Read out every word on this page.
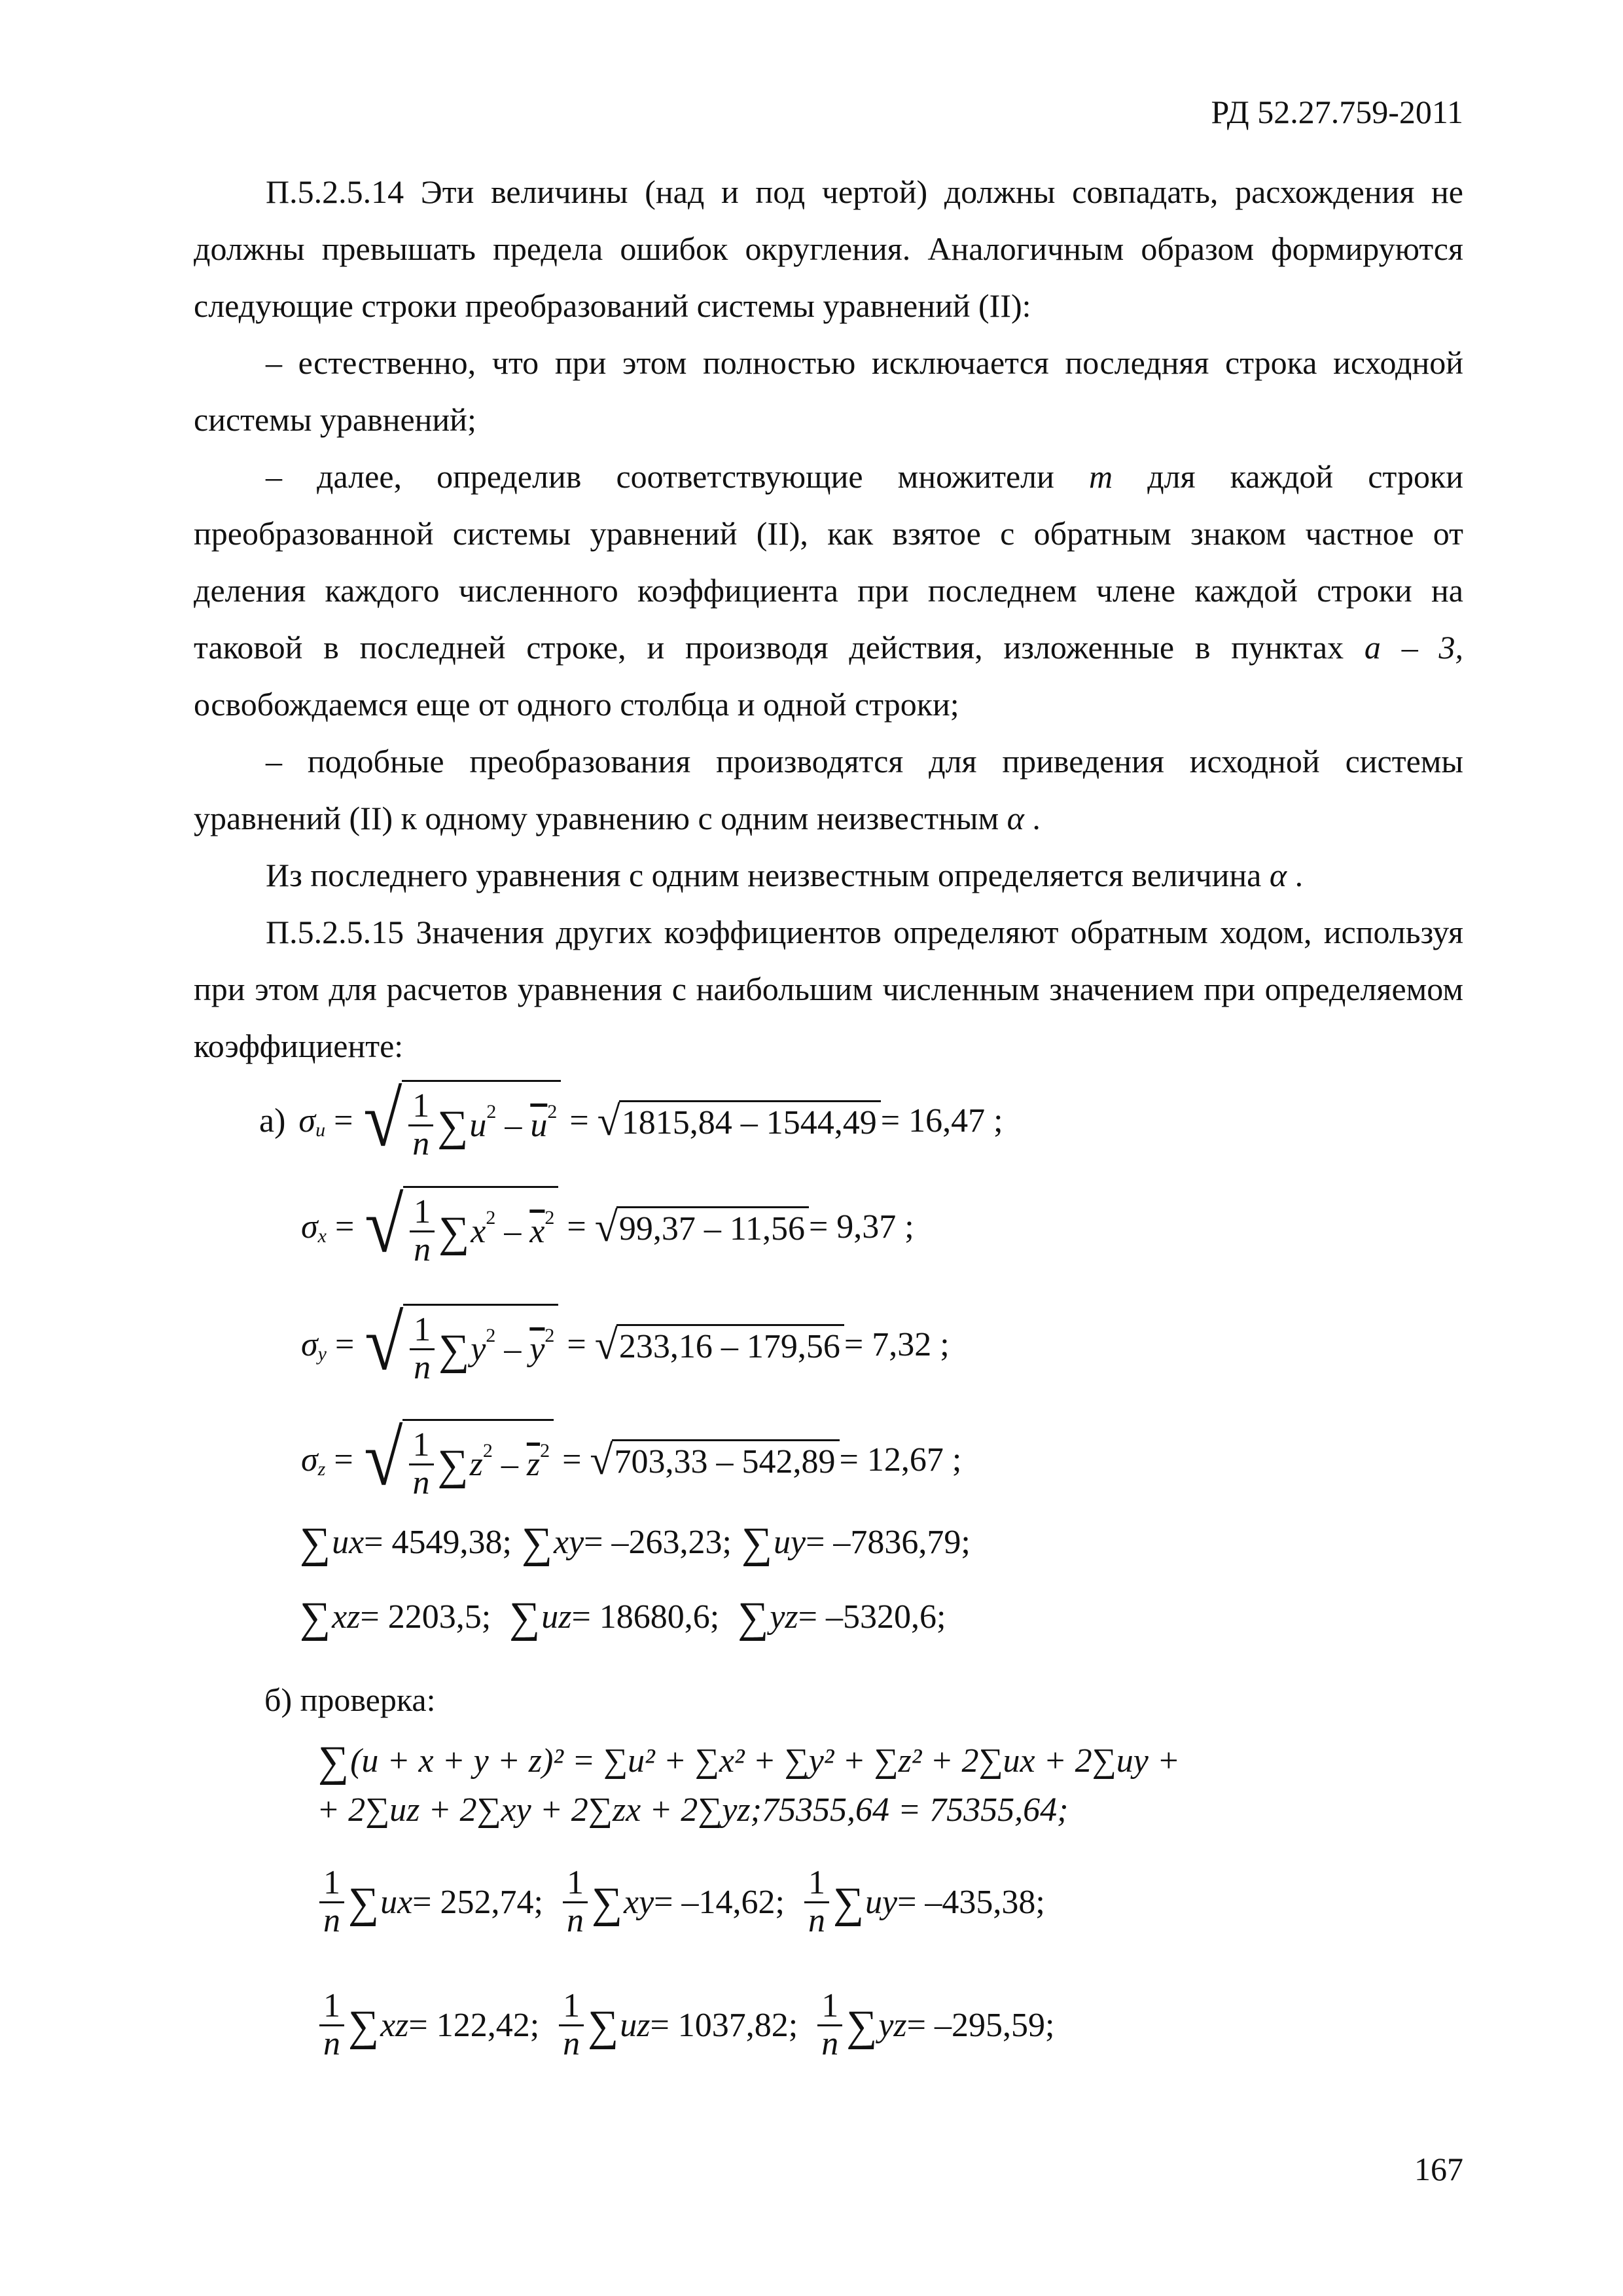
РД 52.27.759-2011

П.5.2.5.14 Эти величины (над и под чертой) должны совпадать, расхождения не должны превышать предела ошибок округления. Аналогичным образом формируются следующие строки преобразований системы уравнений (II):

– естественно, что при этом полностью исключается последняя строка исходной системы уравнений;

– далее, определив соответствующие множители m для каждой строки преобразованной системы уравнений (II), как взятое с обратным знаком частное от деления каждого численного коэффициента при последнем члене каждой строки на таковой в последней строке, и производя действия, изложенные в пунктах a – 3, освобождаемся еще от одного столбца и одной строки;

– подобные преобразования производятся для приведения исходной системы уравнений (II) к одному уравнению с одним неизвестным α .

Из последнего уравнения с одним неизвестным определяется величина α .

П.5.2.5.15 Значения других коэффициентов определяют обратным ходом, используя при этом для расчетов уравнения с наибольшим численным значением при определяемом коэффициенте:

а) σ u = √ $\frac{1}{n}$ ∑ u $2 - \overline{u}$ 2 = √ 1815,84 – 1544,49 = 16,47 ;
σ x = √ $\frac{1}{n}$ ∑ x $2 - \overline{x}$ 2 = √ 99,37 – 11,56 = 9,37 ;
σ y = √ $\frac{1}{n}$ ∑ y $2 - \overline{y}$ 2 = √ 233,16 – 179,56 = 7,32 ;
σ z = √ $\frac{1}{n}$ ∑ z $2 - \overline{z}$ 2 = √ 703,33 – 542,89 = 12,67 ;
∑ ux = 4549,38;
∑ xy = –263,23;
∑ uy = –7836,79;
∑ xz = 2203,5;
∑ uz = 18680,6;
∑ yz = –5320,6;
б) проверка:
∑ (u + x + y + z)² = ∑u² + ∑x² + ∑y² + ∑z² + 2∑ux + 2∑uy +
+ 2∑uz + 2∑xy + 2∑zx + 2∑yz;75355,64 = 75355,64;
$\frac{1}{n}$ ∑ ux = 252,74;
$\frac{1}{n}$ ∑ xy = –14,62;
$\frac{1}{n}$ ∑ uy = –435,38;
$\frac{1}{n}$ ∑ xz = 122,42;
$\frac{1}{n}$ ∑ uz = 1037,82;
$\frac{1}{n}$ ∑ yz = –295,59;
167
